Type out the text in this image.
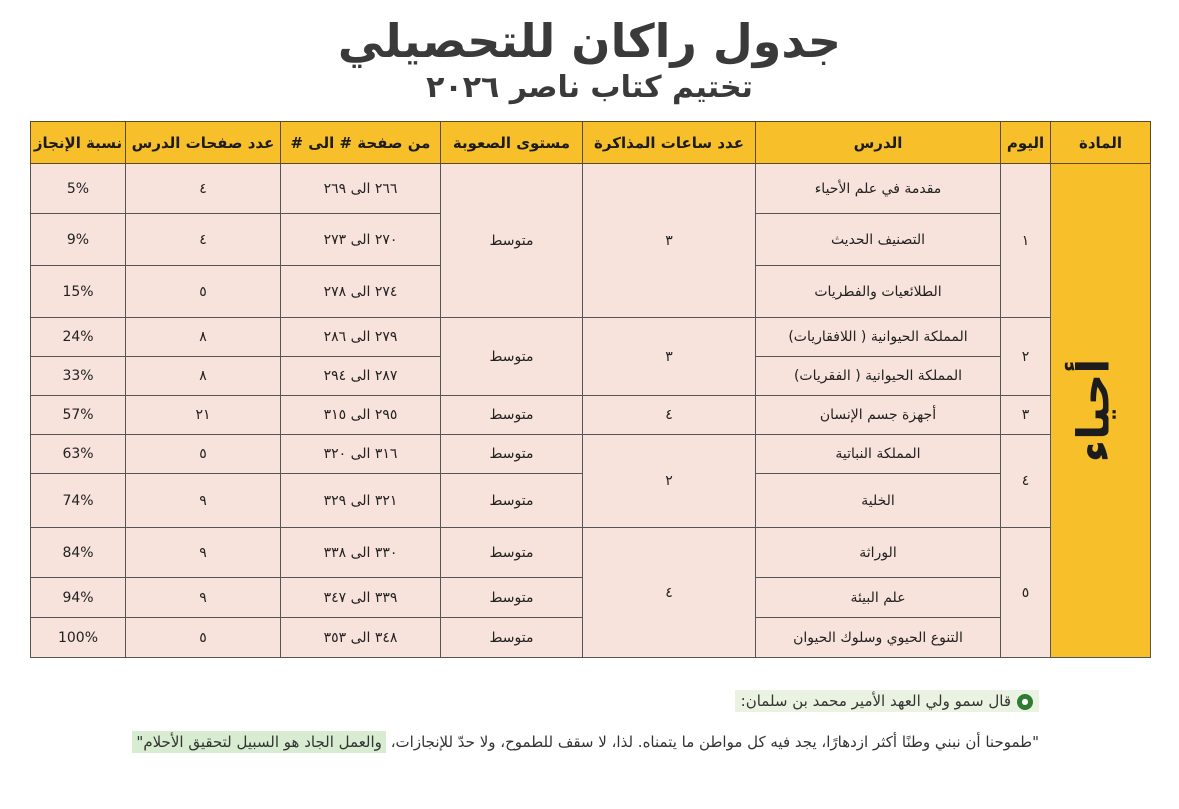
جدول راكان للتحصيلي
تختيم كتاب ناصر ٢٠٢٦
المادة	اليوم	الدرس	عدد ساعات المذاكرة	مستوى الصعوبة	من صفحة # الى #	عدد صفحات الدرس	نسبة الإنجاز
أحياء	١	مقدمة في علم الأحياء	٣	متوسط	٢٦٦ الى ٢٦٩	٤	5%
		التصنيف الحديث			٢٧٠ الى ٢٧٣	٤	9%
		الطلائعيات والفطريات			٢٧٤ الى ٢٧٨	٥	15%
	٢	المملكة الحيوانية ( اللافقاريات)	٣	متوسط	٢٧٩ الى ٢٨٦	٨	24%
		المملكة الحيوانية ( الفقريات)			٢٨٧ الى ٢٩٤	٨	33%
	٣	أجهزة جسم الإنسان	٤	متوسط	٢٩٥ الى ٣١٥	٢١	57%
	٤	المملكة النباتية	٢	متوسط	٣١٦ الى ٣٢٠	٥	63%
		الخلية		متوسط	٣٢١ الى ٣٢٩	٩	74%
	٥	الوراثة	٤	متوسط	٣٣٠ الى ٣٣٨	٩	84%
		علم البيئة		متوسط	٣٣٩ الى ٣٤٧	٩	94%
		التنوع الحيوي وسلوك الحيوان		متوسط	٣٤٨ الى ٣٥٣	٥	100%
●قال سمو ولي العهد الأمير محمد بن سلمان:
"طموحنا أن نبني وطنًا أكثر ازدهارًا، يجد فيه كل مواطن ما يتمناه. لذا، لا سقف للطموح، ولا حدّ للإنجازات، والعمل الجاد هو السبيل لتحقيق الأحلام"
